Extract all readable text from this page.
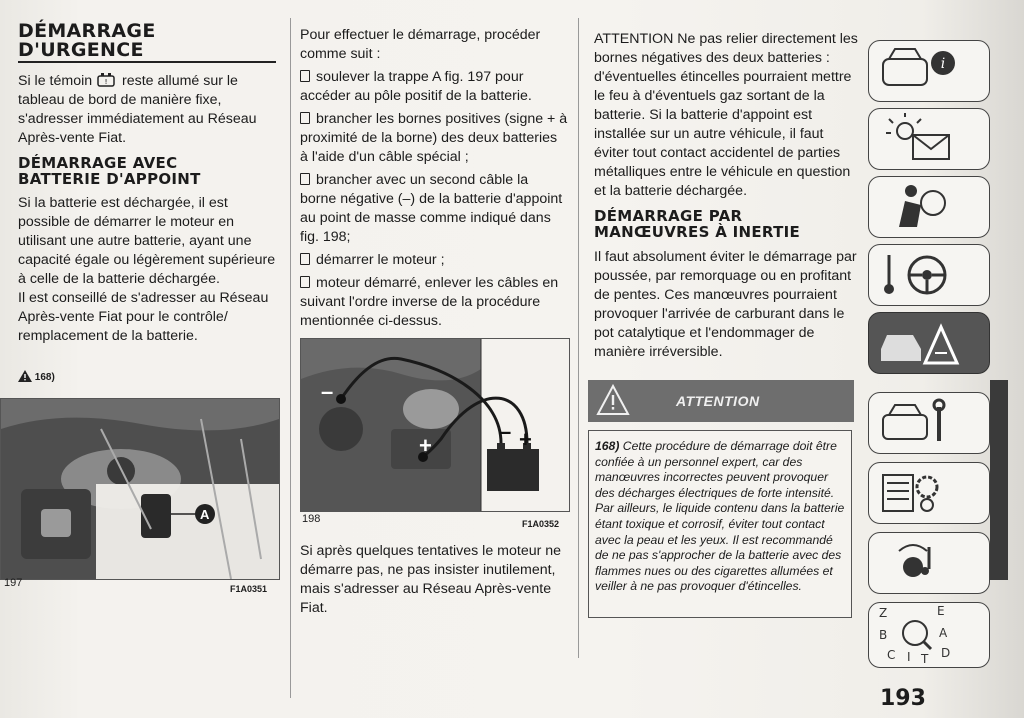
DÉMARRAGE
D'URGENCE

Si le témoin ! reste allumé sur le tableau de bord de manière fixe, s'adresser immédiatement au Réseau Après-vente Fiat.

DÉMARRAGE AVEC
BATTERIE D'APPOINT

Si la batterie est déchargée, il est possible de démarrer le moteur en utilisant une autre batterie, ayant une capacité égale ou légèrement supérieure à celle de la batterie déchargée.

Il est conseillé de s'adresser au Réseau Après-vente Fiat pour le contrôle/ remplacement de la batterie.

168)
A
197	F1A0351

Pour effectuer le démarrage, procéder comme suit :

soulever la trappe A fig. 197 pour accéder au pôle positif de la batterie.

brancher les bornes positives (signe + à proximité de la borne) des deux batteries à l'aide d'un câble spécial ;

brancher avec un second câble la borne négative (–) de la batterie d'appoint au point de masse comme indiqué dans fig. 198;

démarrer le moteur ;

moteur démarré, enlever les câbles en suivant l'ordre inverse de la procédure mentionnée ci-dessus.

+
–
+
–
198	F1A0352

Si après quelques tentatives le moteur ne démarre pas, ne pas insister inutilement, mais s'adresser au Réseau Après-vente Fiat.

ATTENTION Ne pas relier directement les bornes négatives des deux batteries : d'éventuelles étincelles pourraient mettre le feu à d'éventuels gaz sortant de la batterie. Si la batterie d'appoint est installée sur un autre véhicule, il faut éviter tout contact accidentel de parties métalliques entre le véhicule en question et la batterie déchargée.

DÉMARRAGE PAR
MANŒUVRES À INERTIE

Il faut absolument éviter le démarrage par poussée, par remorquage ou en profitant de pentes. Ces manœuvres pourraient provoquer l'arrivée de carburant dans le pot catalytique et l'endommager de manière irréversible.

ATTENTION

168) Cette procédure de démarrage doit être confiée à un personnel expert, car des manœuvres incorrectes peuvent provoquer des décharges électriques de forte intensité. Par ailleurs, le liquide contenu dans la batterie étant toxique et corrosif, éviter tout contact avec la peau et les yeux. Il est recommandé de ne pas s'approcher de la batterie avec des flammes nues ou des cigarettes allumées et veiller à ne pas provoquer d'étincelles.

i
Z	E
B	A
C I T D
193
